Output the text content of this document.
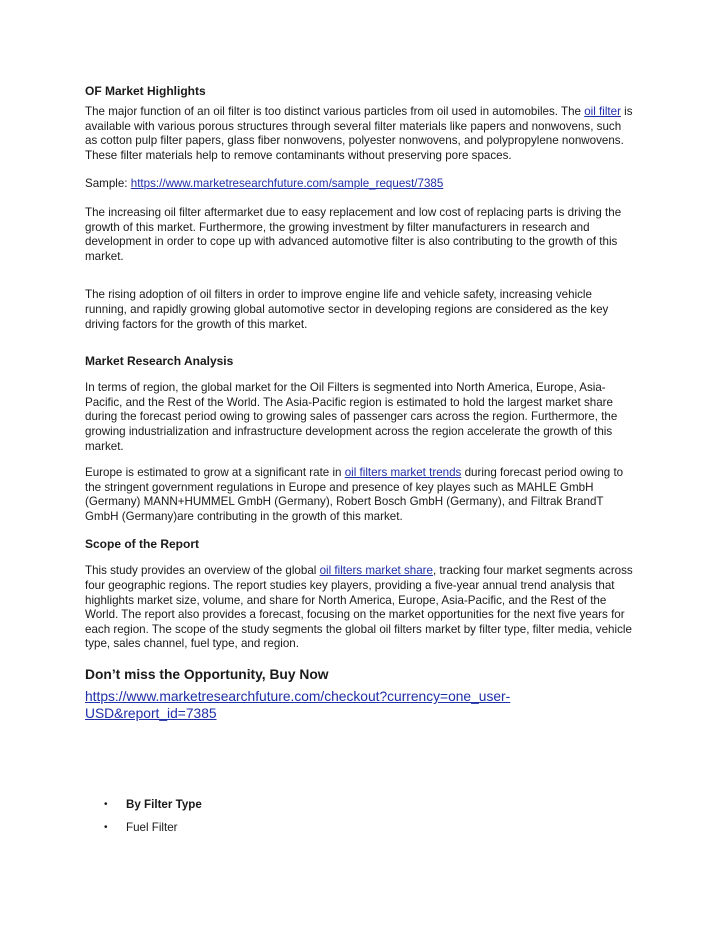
OF Market Highlights

The major function of an oil filter is too distinct various particles from oil used in automobiles. The oil filter is available with various porous structures through several filter materials like papers and nonwovens, such as cotton pulp filter papers, glass fiber nonwovens, polyester nonwovens, and polypropylene nonwovens. These filter materials help to remove contaminants without preserving pore spaces.

Sample: https://www.marketresearchfuture.com/sample_request/7385

The increasing oil filter aftermarket due to easy replacement and low cost of replacing parts is driving the growth of this market. Furthermore, the growing investment by filter manufacturers in research and development in order to cope up with advanced automotive filter is also contributing to the growth of this market.

The rising adoption of oil filters in order to improve engine life and vehicle safety, increasing vehicle running, and rapidly growing global automotive sector in developing regions are considered as the key driving factors for the growth of this market.

Market Research Analysis

In terms of region, the global market for the Oil Filters is segmented into North America, Europe, Asia-Pacific, and the Rest of the World. The Asia-Pacific region is estimated to hold the largest market share during the forecast period owing to growing sales of passenger cars across the region. Furthermore, the growing industrialization and infrastructure development across the region accelerate the growth of this market.

Europe is estimated to grow at a significant rate in oil filters market trends during forecast period owing to the stringent government regulations in Europe and presence of key playes such as MAHLE GmbH (Germany) MANN+HUMMEL GmbH (Germany), Robert Bosch GmbH (Germany), and Filtrak BrandT GmbH (Germany)are contributing in the growth of this market.

Scope of the Report

This study provides an overview of the global oil filters market share, tracking four market segments across four geographic regions. The report studies key players, providing a five-year annual trend analysis that highlights market size, volume, and share for North America, Europe, Asia-Pacific, and the Rest of the World. The report also provides a forecast, focusing on the market opportunities for the next five years for each region. The scope of the study segments the global oil filters market by filter type, filter media, vehicle type, sales channel, fuel type, and region.

Don’t miss the Opportunity, Buy Now
https://www.marketresearchfuture.com/checkout?currency=one_user-USD&report_id=7385
• By Filter Type
• Fuel Filter
